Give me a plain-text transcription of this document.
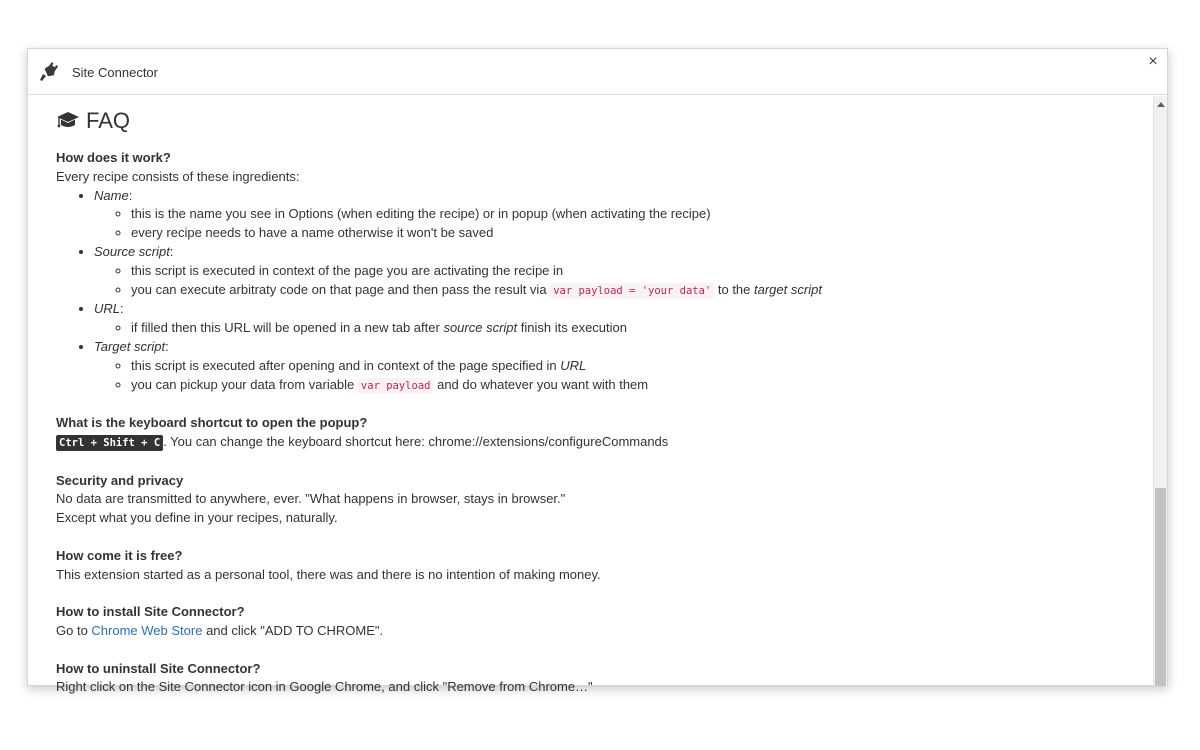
Site Connector
×
FAQ

How does it work?

Every recipe consists of these ingredients:

• Name:
◦ this is the name you see in Options (when editing the recipe) or in popup (when activating the recipe)
◦ every recipe needs to have a name otherwise it won't be saved
• Source script:
◦ this script is executed in context of the page you are activating the recipe in
◦ you can execute arbitraty code on that page and then pass the result via var payload = 'your data' to the target script
• URL:
◦ if filled then this URL will be opened in a new tab after source script finish its execution
• Target script:
◦ this script is executed after opening and in context of the page specified in URL
◦ you can pickup your data from variable var payload and do whatever you want with them

What is the keyboard shortcut to open the popup?

Ctrl + Shift + C . You can change the keyboard shortcut here: chrome://extensions/configureCommands

Security and privacy

No data are transmitted to anywhere, ever. "What happens in browser, stays in browser."

Except what you define in your recipes, naturally.

How come it is free?

This extension started as a personal tool, there was and there is no intention of making money.

How to install Site Connector?

Go to Chrome Web Store and click "ADD TO CHROME".

How to uninstall Site Connector?

Right click on the Site Connector icon in Google Chrome, and click "Remove from Chrome…"
